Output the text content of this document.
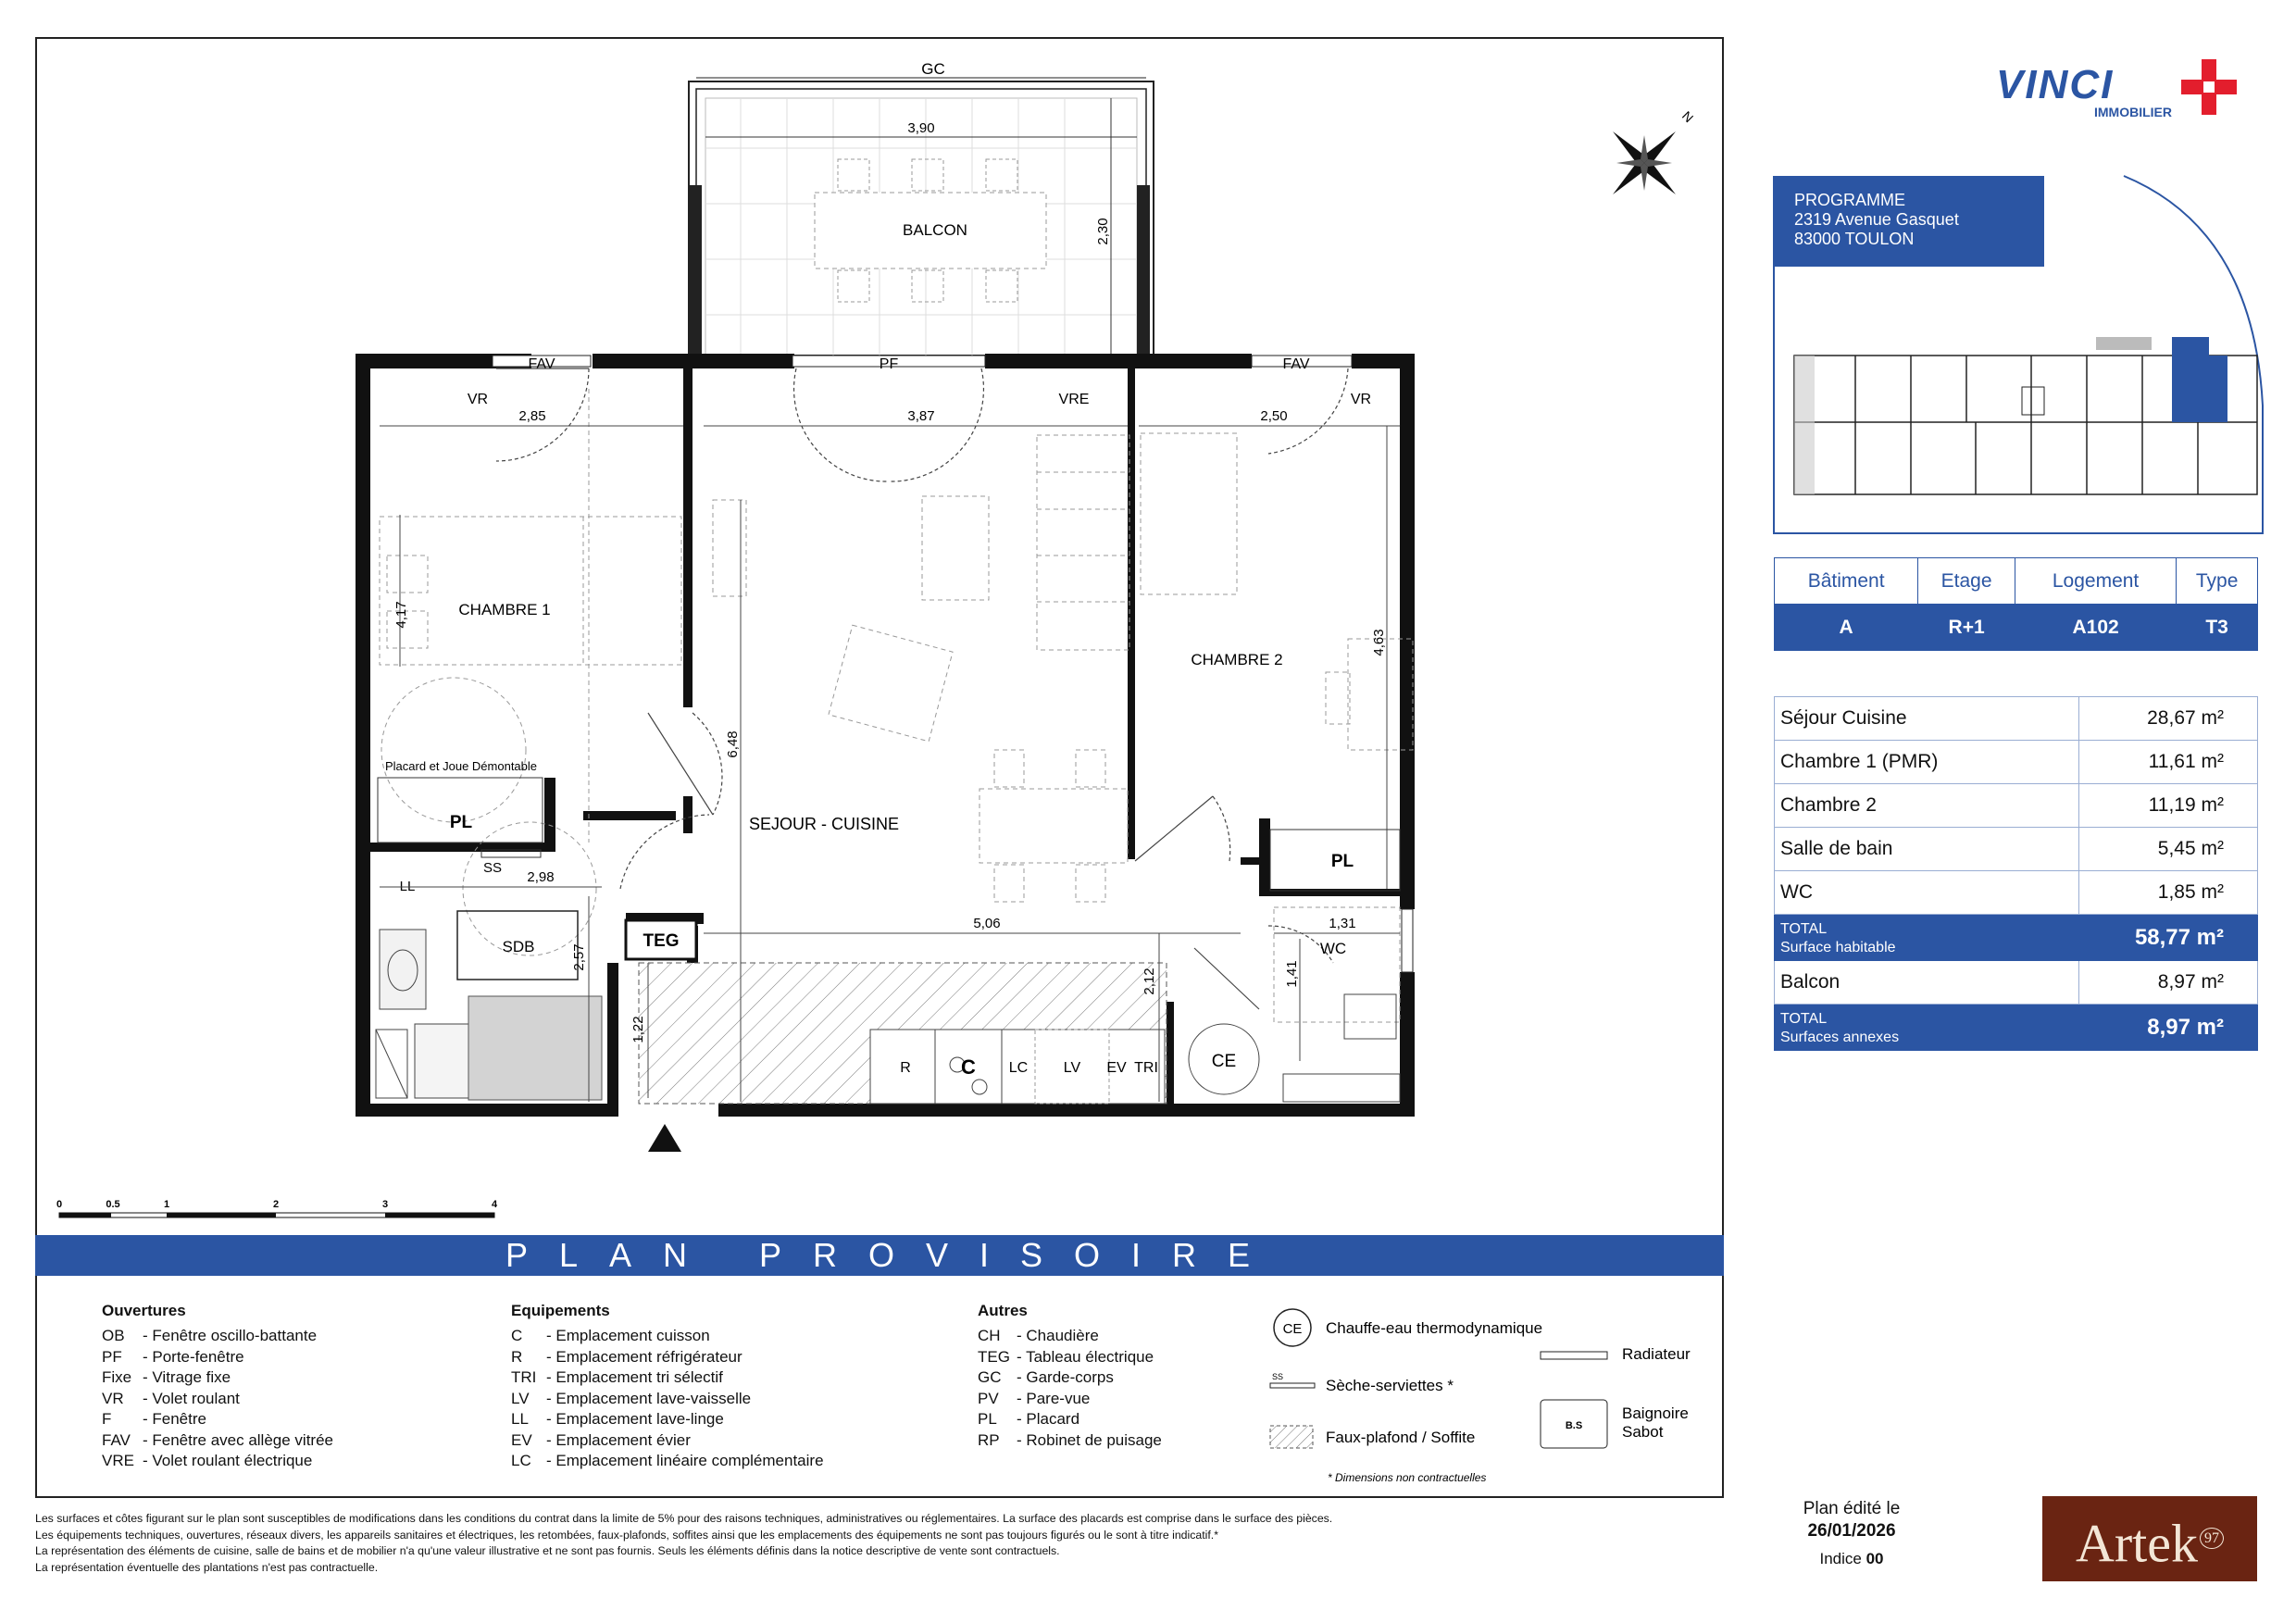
BALCON
GC
3,90
2,30
FAV	PF	FAV
VR	VRE	VR
CHAMBRE 1
Placard et Joue Démontable
PL
LL
SS
SDB	TEG
R C LC LV EV TRI
SEJOUR - CUISINE
CHAMBRE 2
PL
WC
CE
2,85	3,87	2,50
4,17
6,48
4,63
2,98
2,57
5,06	1,31
1,41
2,12
1,22
N
0	0.5	1	2	3	4
PLAN PROVISOIRE
Ouvertures
OB - Fenêtre oscillo-battante
PF - Porte-fenêtre
Fixe - Vitrage fixe
VR - Volet roulant
F - Fenêtre
FAV - Fenêtre avec allège vitrée
VRE - Volet roulant électrique
Equipements
C - Emplacement cuisson
R - Emplacement réfrigérateur
TRI - Emplacement tri sélectif
LV - Emplacement lave-vaisselle
LL - Emplacement lave-linge
EV - Emplacement évier
LC - Emplacement linéaire complémentaire
Autres
CH - Chaudière
TEG - Tableau électrique
GC - Garde-corps
PV - Pare-vue
PL - Placard
RP - Robinet de puisage
CE Chauffe-eau thermodynamique
SS	Sèche-serviettes *
Faux-plafond / Soffite
Radiateur
B.S
Baignoire
Sabot
* Dimensions non contractuelles
Les surfaces et côtes figurant sur le plan sont susceptibles de modifications dans les conditions du contrat dans la limite de 5% pour des raisons techniques, administratives ou réglementaires. La surface des placards est comprise dans le surface des pièces.
Les équipements techniques, ouvertures, réseaux divers, les appareils sanitaires et électriques, les retombées, faux-plafonds, soffites ainsi que les emplacements des équipements ne sont pas toujours figurés ou le sont à titre indicatif.*
La représentation des éléments de cuisine, salle de bains et de mobilier n'a qu'une valeur illustrative et ne sont pas fournis. Seuls les éléments définis dans la notice descriptive de vente sont contractuels.
La représentation éventuelle des plantations n'est pas contractuelle.
VINCI
IMMOBILIER
PROGRAMME
2319 Avenue Gasquet
83000 TOULON
Bâtiment	Etage	Logement	Type
A	R+1	A102	T3
Séjour Cuisine	28,67 m²
Chambre 1 (PMR)	11,61 m²
Chambre 2	11,19 m²
Salle de bain	5,45 m²
WC	1,85 m²

TOTAL
Surface habitable	58,77 m²
Balcon	8,97 m²

TOTAL
Surfaces annexes	8,97 m²
Plan édité le
26/01/2026
Indice 00	Artek $^{97}$
